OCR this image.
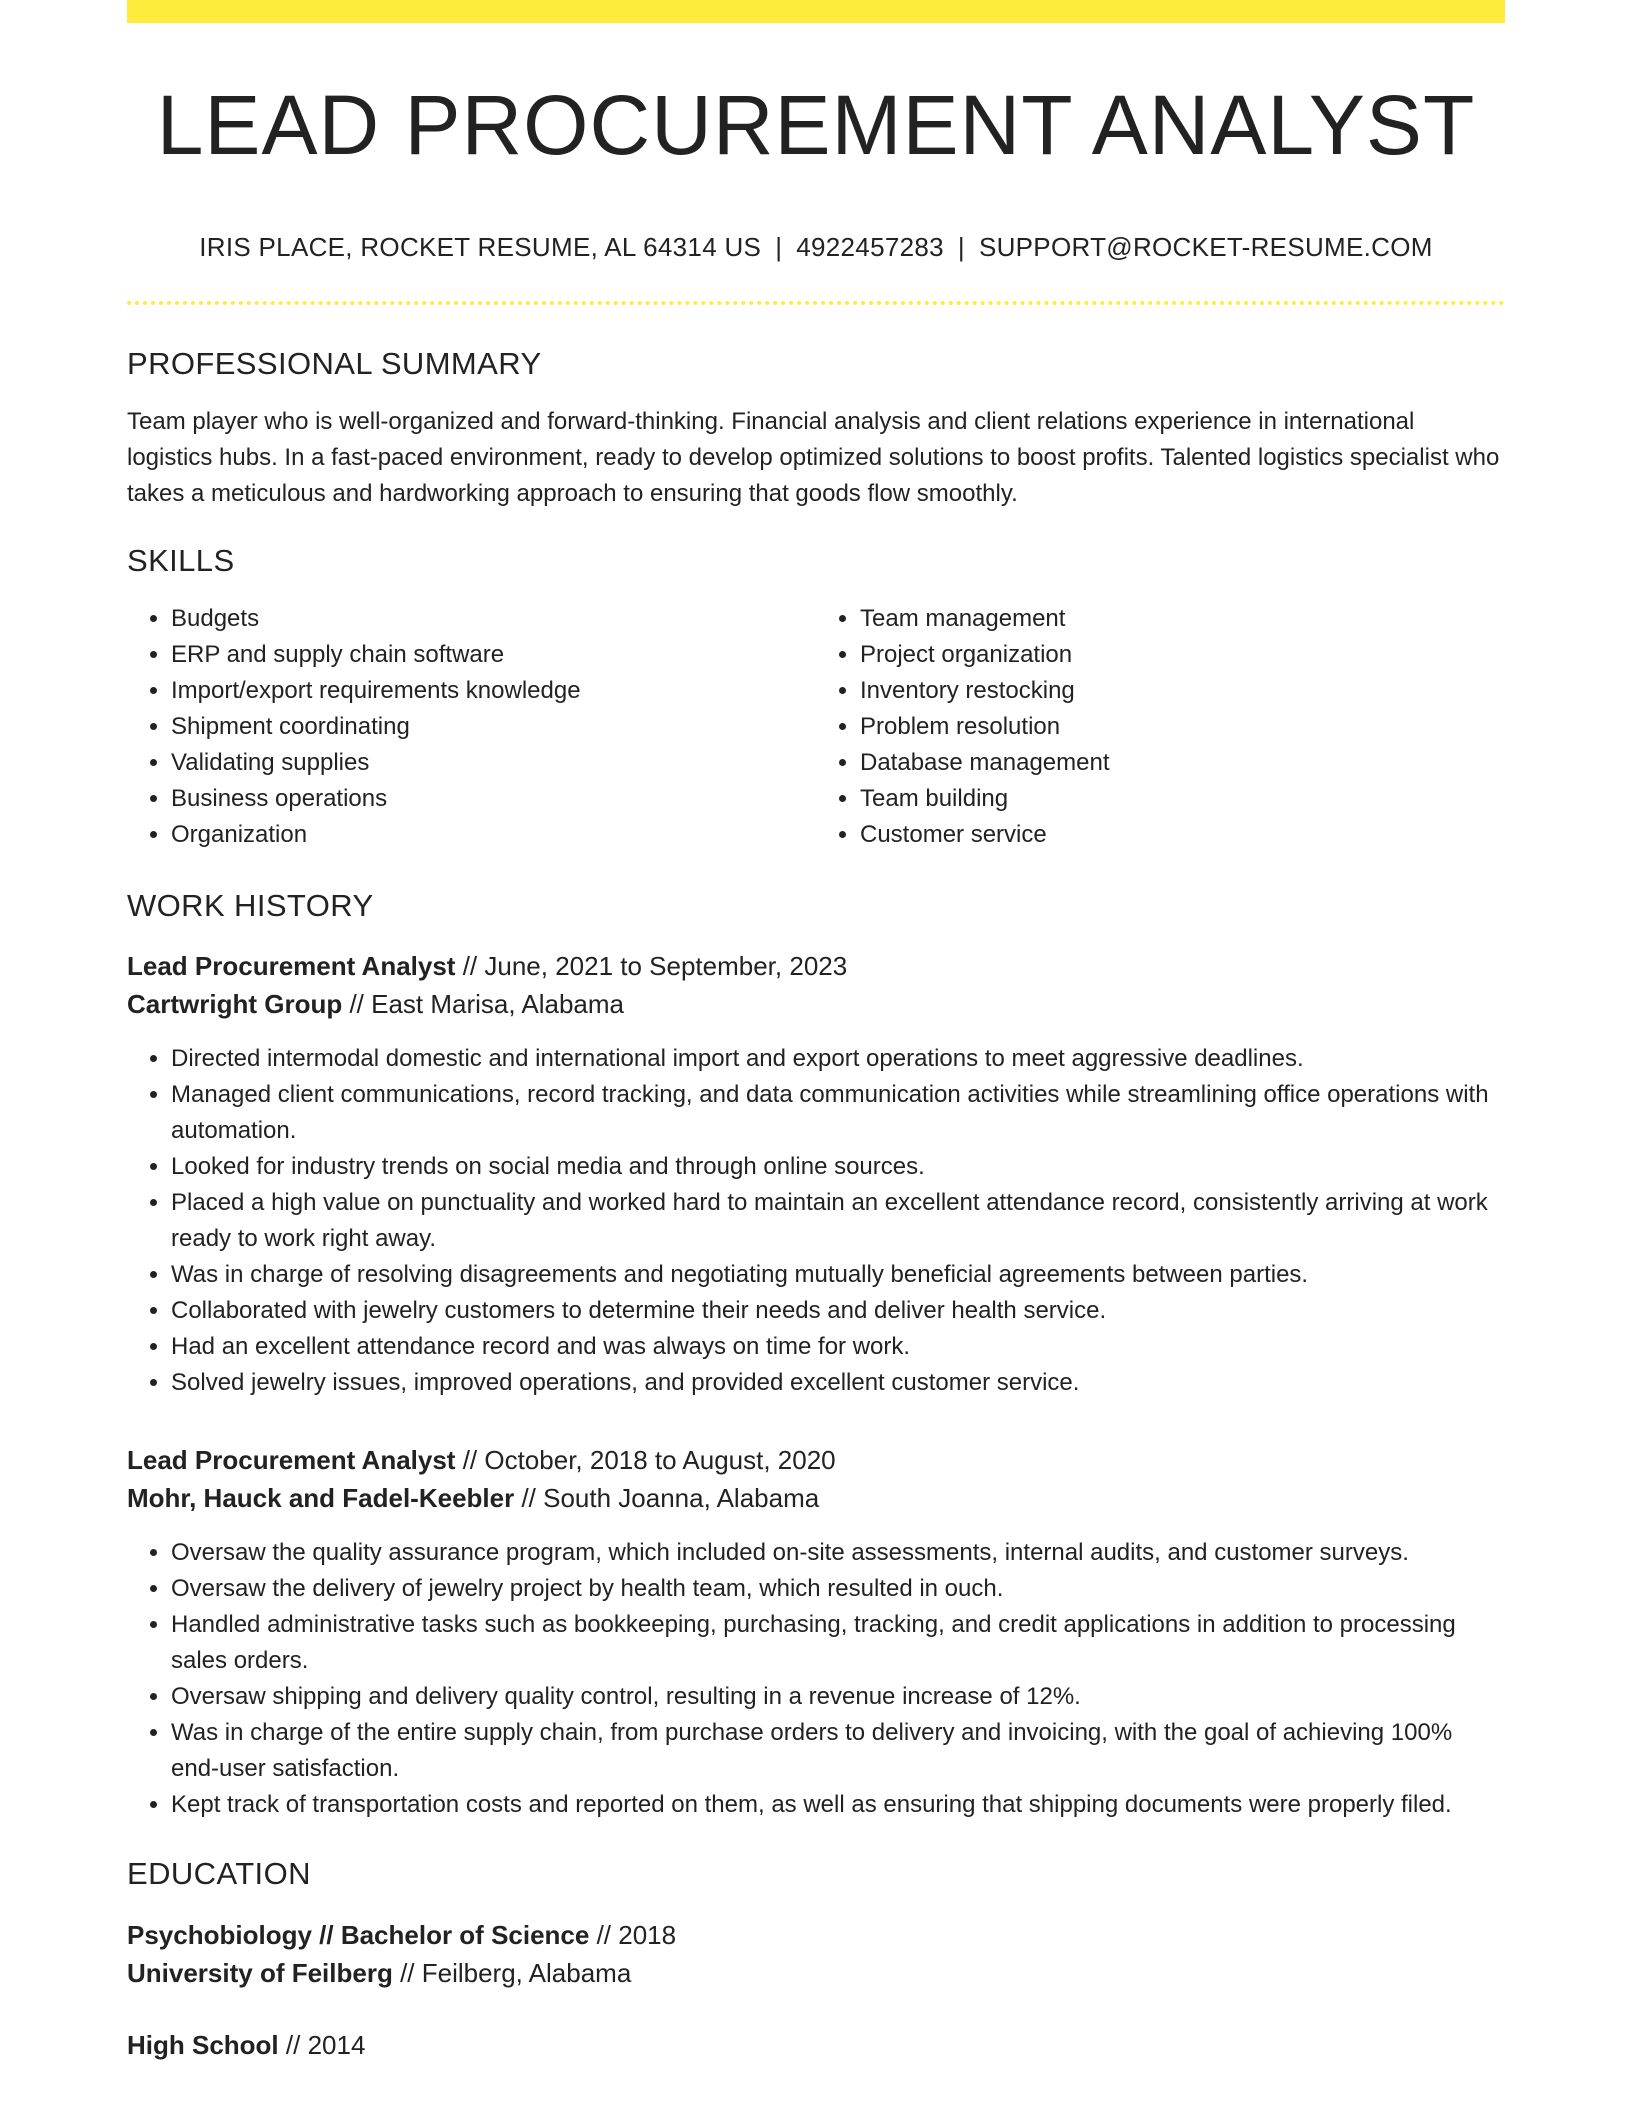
LEAD PROCUREMENT ANALYST
IRIS PLACE, ROCKET RESUME, AL 64314 US | 4922457283 | SUPPORT@ROCKET-RESUME.COM
PROFESSIONAL SUMMARY

Team player who is well-organized and forward-thinking. Financial analysis and client relations experience in international logistics hubs. In a fast-paced environment, ready to develop optimized solutions to boost profits. Talented logistics specialist who takes a meticulous and hardworking approach to ensuring that goods flow smoothly.

SKILLS
• Budgets
• ERP and supply chain software
• Import/export requirements knowledge
• Shipment coordinating
• Validating supplies
• Business operations
• Organization
• Team management
• Project organization
• Inventory restocking
• Problem resolution
• Database management
• Team building
• Customer service
WORK HISTORY
Lead Procurement Analyst // June, 2021 to September, 2023
Cartwright Group // East Marisa, Alabama
• Directed intermodal domestic and international import and export operations to meet aggressive deadlines.
• Managed client communications, record tracking, and data communication activities while streamlining office operations with automation.
• Looked for industry trends on social media and through online sources.
• Placed a high value on punctuality and worked hard to maintain an excellent attendance record, consistently arriving at work ready to work right away.
• Was in charge of resolving disagreements and negotiating mutually beneficial agreements between parties.
• Collaborated with jewelry customers to determine their needs and deliver health service.
• Had an excellent attendance record and was always on time for work.
• Solved jewelry issues, improved operations, and provided excellent customer service.
Lead Procurement Analyst // October, 2018 to August, 2020
Mohr, Hauck and Fadel-Keebler // South Joanna, Alabama
• Oversaw the quality assurance program, which included on-site assessments, internal audits, and customer surveys.
• Oversaw the delivery of jewelry project by health team, which resulted in ouch.
• Handled administrative tasks such as bookkeeping, purchasing, tracking, and credit applications in addition to processing sales orders.
• Oversaw shipping and delivery quality control, resulting in a revenue increase of 12%.
• Was in charge of the entire supply chain, from purchase orders to delivery and invoicing, with the goal of achieving 100% end-user satisfaction.
• Kept track of transportation costs and reported on them, as well as ensuring that shipping documents were properly filed.
EDUCATION
Psychobiology // Bachelor of Science // 2018
University of Feilberg // Feilberg, Alabama
High School // 2014
